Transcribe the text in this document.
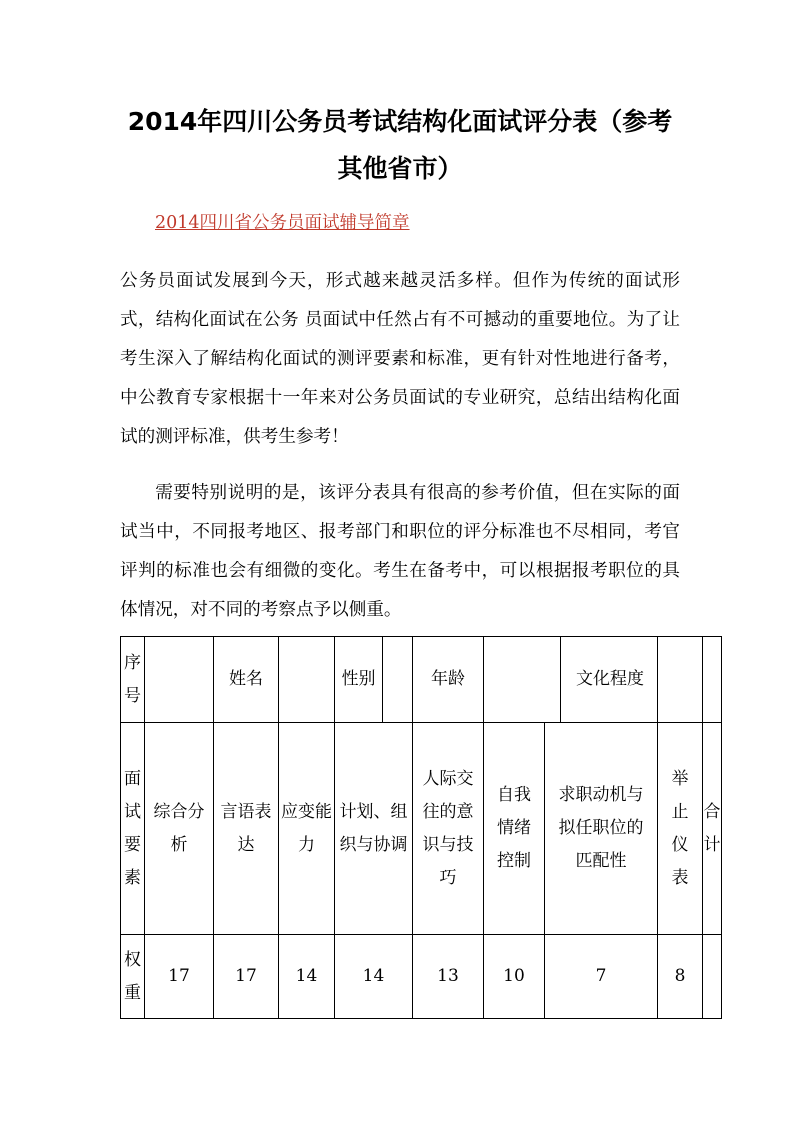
2014年四川公务员考试结构化面试评分表（参考其他省市）
2014四川省公务员面试辅导简章

公务员面试发展到今天，形式越来越灵活多样。但作为传统的面试形式，结构化面试在公务 员面试中任然占有不可撼动的重要地位。为了让考生深入了解结构化面试的测评要素和标准，更有针对性地进行备考，中公教育专家根据十一年来对公务员面试的专业研究，总结出结构化面试的测评标准，供考生参考！

需要特别说明的是，该评分表具有很高的参考价值，但在实际的面试当中，不同报考地区、报考部门和职位的评分标准也不尽相同，考官评判的标准也会有细微的变化。考生在备考中，可以根据报考职位的具体情况，对不同的考察点予以侧重。

序号		姓名		性别		年龄			文化程度		
面试要素	综合分析	言语表达	应变能力	计划、组织与协调		人际交往的意识与技巧	自我情绪控制	求职动机与拟任职位的匹配性		举止仪表	合计
权重	17	17	14	14		13	10	7		8	
